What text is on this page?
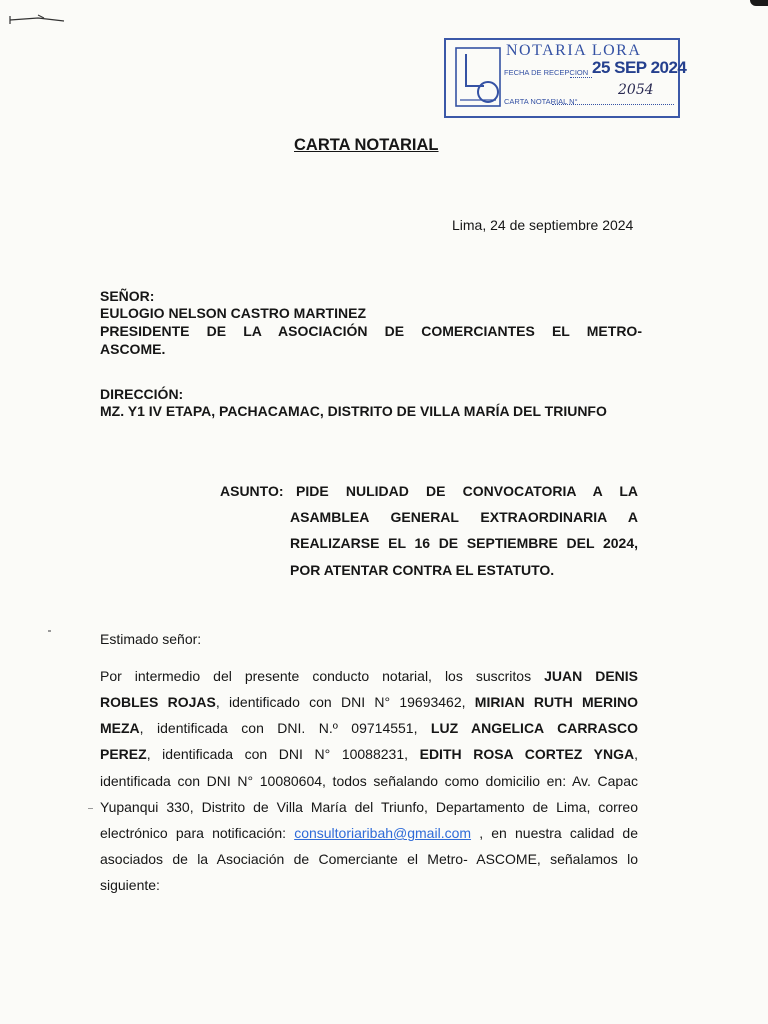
NOTARIA LORA
FECHA DE RECEPCION 25 SEP 2024
CARTA NOTARIAL N°
2054
CARTA NOTARIAL
Lima, 24 de septiembre 2024
SEÑOR:
EULOGIO NELSON CASTRO MARTINEZ
PRESIDENTE DE LA ASOCIACIÓN DE COMERCIANTES EL METRO-
ASCOME.
DIRECCIÓN:
MZ. Y1 IV ETAPA, PACHACAMAC, DISTRITO DE VILLA MARÍA DEL TRIUNFO
ASUNTO: PIDE NULIDAD DE CONVOCATORIA A LA
ASAMBLEA GENERAL EXTRAORDINARIA A
REALIZARSE EL 16 DE SEPTIEMBRE DEL 2024,
POR ATENTAR CONTRA EL ESTATUTO.
Estimado señor:
Por intermedio del presente conducto notarial, los suscritos JUAN DENIS
ROBLES ROJAS, identificado con DNI N° 19693462, MIRIAN RUTH MERINO
MEZA, identificada con DNI. N.º 09714551, LUZ ANGELICA CARRASCO
PEREZ, identificada con DNI N° 10088231, EDITH ROSA CORTEZ YNGA,
identificada con DNI N° 10080604, todos señalando como domicilio en: Av. Capac
Yupanqui 330, Distrito de Villa María del Triunfo, Departamento de Lima, correo
electrónico para notificación: consultoriaribah@gmail.com , en nuestra calidad de
asociados de la Asociación de Comerciante el Metro- ASCOME, señalamos lo
siguiente:
